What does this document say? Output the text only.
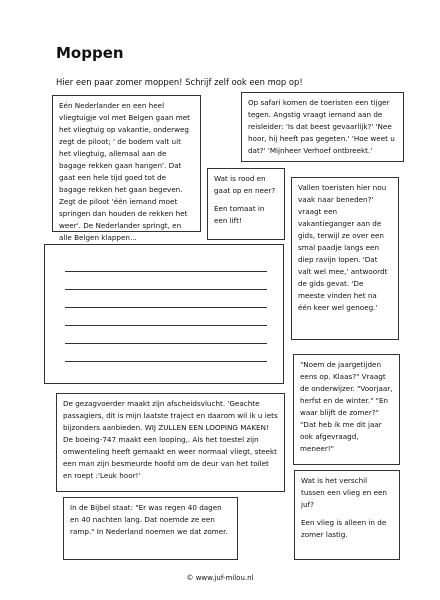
Moppen
Hier een paar zomer moppen! Schrijf zelf ook een mop op!

Eén Nederlander en een heel vliegtuigje vol met Belgen gaan met het vliegtuig op vakantie, onderweg zegt de piloot; ' de bodem valt uit het vliegtuig, allemaal aan de bagage rekken gaan hangen'. Dat gaat een hele tijd goed tot de bagage rekken het gaan begeven. Zegt de piloot 'één iemand moet springen dan houden de rekken het weer'. De Nederlander springt, en alle Belgen klappen...

Op safari komen de toeristen een tijger tegen. Angstig vraagt iemand aan de reisleider: 'Is dat beest gevaarlijk?' 'Nee hoor, hij heeft pas gegeten.' 'Hoe weet u dat?' 'Mijnheer Verhoef ontbreekt.'

Wat is rood en gaat op en neer?

Een tomaat in een lift!

Vallen toeristen hier nou vaak naar beneden?' vraagt een vakantieganger aan de gids, terwijl ze over een smal paadje langs een diep ravijn lopen. 'Dat valt wel mee,' antwoordt de gids gevat. 'De meeste vinden het na één keer wel genoeg.'

"Noem de jaargetijden eens op. Klaas?" Vraagt de onderwijzer. "Voorjaar, herfst en de winter." "En waar blijft de zomer?" "Dat heb ik me dit jaar ook afgevraagd, meneer!"

De gezagvoerder maakt zijn afscheidsvlucht. 'Geachte passagiers, dit is mijn laatste traject en daarom wil ik u iets bijzonders aanbieden. WIJ ZULLEN EEN LOOPING MAKEN! De boeing-747 maakt een looping,. Als het toestel zijn omwenteling heeft gemaakt en weer normaal vliegt, steekt een man zijn besmeurde hoofd om de deur van het toilet en roept :'Leuk hoor!'

Wat is het verschil tussen een vlieg en een juf?

Een vlieg is alleen in de zomer lastig.

In de Bijbel staat: "Er was regen 40 dagen en 40 nachten lang. Dat noemde ze een ramp." In Nederland noemen we dat zomer.

© www.juf-milou.nl
